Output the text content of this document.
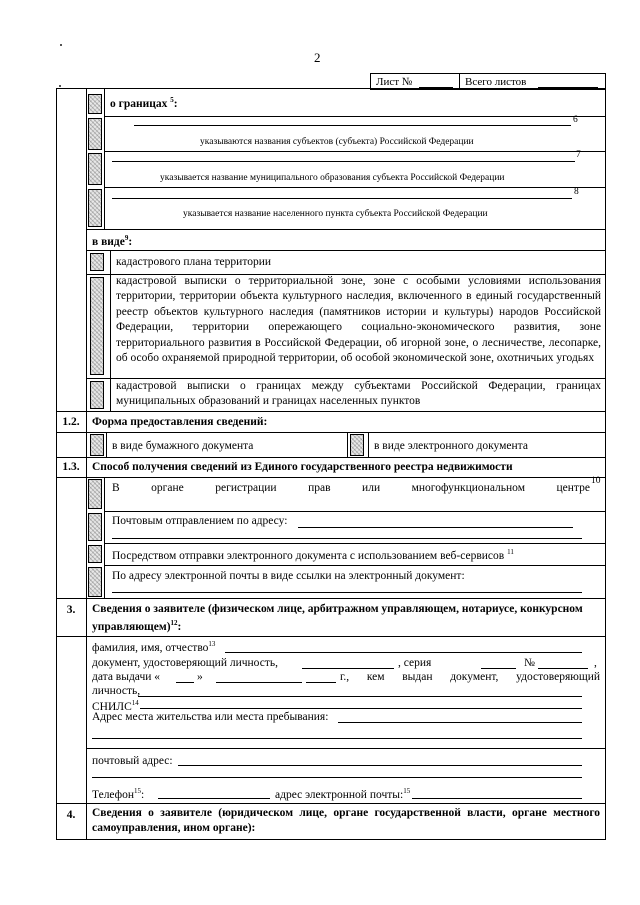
2
Лист №	Всего листов
о границах $^5$:
6
указываются названия субъектов (субъекта) Российской Федерации
7
указывается название муниципального образования субъекта Российской Федерации
8
указывается название населенного пункта субъекта Российской Федерации
в виде$^9$:
кадастрового плана территории
кадастровой выписки о территориальной зоне, зоне с особыми условиями использования территории, территории объекта культурного наследия, включенного в единый государственный реестр объектов культурного наследия (памятников истории и культуры) народов Российской Федерации, территории опережающего социально-экономического развития, зоне территориального развития в Российской Федерации, об игорной зоне, о лесничестве, лесопарке, об особо охраняемой природной территории, об особой экономической зоне, охотничьих угодьях
кадастровой выписки о границах между субъектами Российской Федерации, границах муниципальных образований и границах населенных пунктов
1.2.	Форма предоставления сведений:
в виде бумажного документа	в виде электронного документа
1.3.	Способ получения сведений из Единого государственного реестра недвижимости
В	органе	регистрации	прав	или	многофункциональном	центре
10
Почтовым отправлением по адресу:
Посредством отправки электронного документа с использованием веб-сервисов $^{11}$
По адресу электронной почты в виде ссылки на электронный документ:
3.	Сведения о заявителе (физическом лице, арбитражном управляющем, нотариусе, конкурсном
управляющем)$^{12}$:
фамилия, имя, отчество$^{13}$
документ, удостоверяющий личность,	, серия	№	,
дата выдачи «	»	г., кем выдан документ, удостоверяющий
личность,
СНИЛС$^{14}$
Адрес места жительства или места пребывания:
почтовый адрес:
Телефон$^{15}$:	адрес электронной почты:$^{15}$
4.	Сведения о заявителе (юридическом лице, органе государственной власти, органе местного
самоуправления, ином органе):
